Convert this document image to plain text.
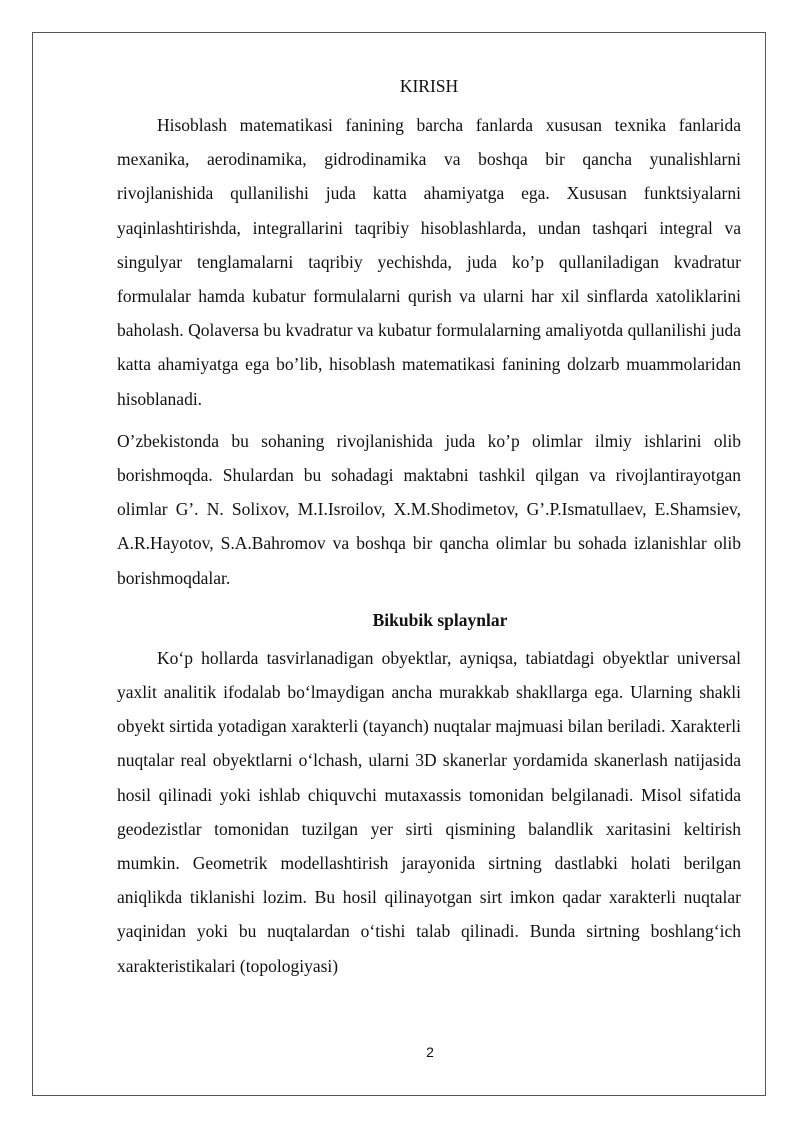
KIRISH

Hisoblash matematikasi fanining barcha fanlarda xususan texnika fanlarida mexanika, aerodinamika, gidrodinamika va boshqa bir qancha yunalishlarni rivojlanishida qullanilishi juda katta ahamiyatga ega. Xususan funktsiyalarni yaqinlashtirishda, integrallarini taqribiy hisoblashlarda, undan tashqari integral va singulyar tenglamalarni taqribiy yechishda, juda ko’p qullaniladigan kvadratur formulalar hamda kubatur formulalarni qurish va ularni har xil sinflarda xatoliklarini baholash. Qolaversa bu kvadratur va kubatur formulalarning amaliyotda qullanilishi juda katta ahamiyatga ega bo’lib, hisoblash matematikasi fanining dolzarb muammolaridan hisoblanadi.

O’zbekistonda bu sohaning rivojlanishida juda ko’p olimlar ilmiy ishlarini olib borishmoqda. Shulardan bu sohadagi maktabni tashkil qilgan va rivojlantirayotgan olimlar G’. N. Solixov, M.I.Isroilov, X.M.Shodimetov, G’.P.Ismatullaev, E.Shamsiev, A.R.Hayotov, S.A.Bahromov va boshqa bir qancha olimlar bu sohada izlanishlar olib borishmoqdalar.

Bikubik splaynlar

Ko‘p hollarda tasvirlanadigan obyektlar, ayniqsa, tabiatdagi obyektlar universal yaxlit analitik ifodalab bo‘lmaydigan ancha murakkab shakllarga ega. Ularning shakli obyekt sirtida yotadigan xarakterli (tayanch) nuqtalar majmuasi bilan beriladi. Xarakterli nuqtalar real obyektlarni o‘lchash, ularni 3D skanerlar yordamida skanerlash natijasida hosil qilinadi yoki ishlab chiquvchi mutaxassis tomonidan belgilanadi. Misol sifatida geodezistlar tomonidan tuzilgan yer sirti qismining balandlik xaritasini keltirish mumkin. Geometrik modellashtirish jarayonida sirtning dastlabki holati berilgan aniqlikda tiklanishi lozim. Bu hosil qilinayotgan sirt imkon qadar xarakterli nuqtalar yaqinidan yoki bu nuqtalardan o‘tishi talab qilinadi. Bunda sirtning boshlang‘ich xarakteristikalari (topologiyasi)

2
